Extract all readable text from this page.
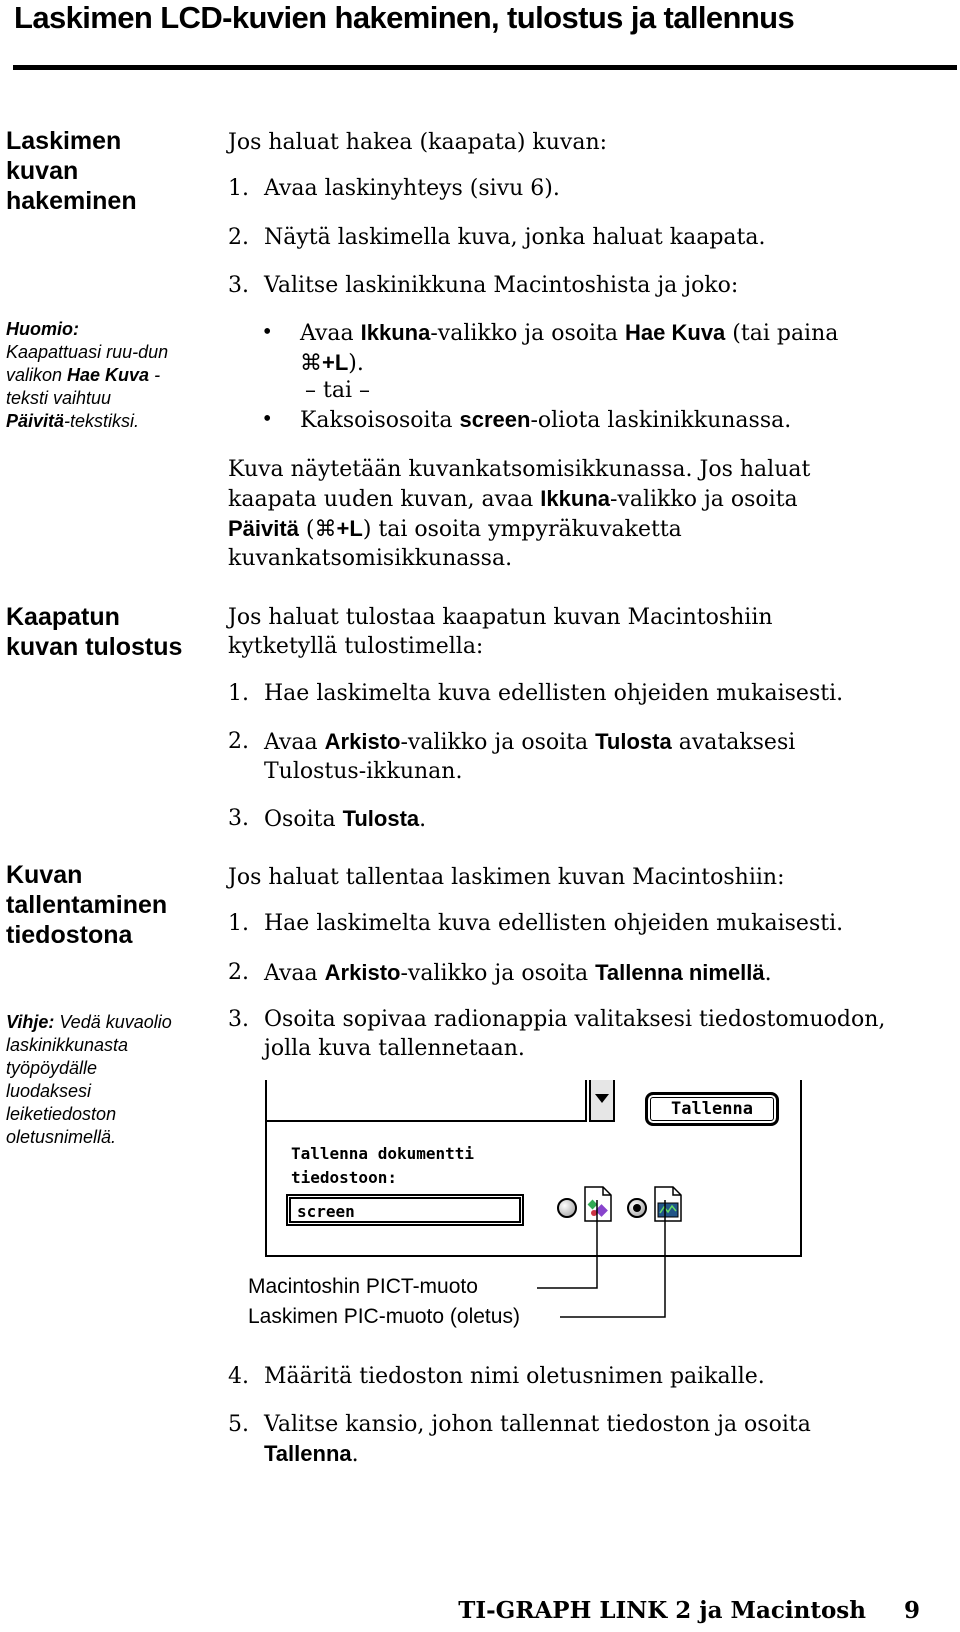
Laskimen LCD-kuvien hakeminen, tulostus ja tallennus
Laskimen
kuvan
hakeminen
Huomio:
Kaapattuasi ruu-dun
valikon Hae Kuva -
teksti vaihtuu
Päivitä-tekstiksi.
Jos haluat hakea (kaapata) kuvan:
1. Avaa laskinyhteys (sivu 6).
2. Näytä laskimella kuva, jonka haluat kaapata.
3. Valitse laskinikkuna Macintoshista ja joko:
• Avaa Ikkuna-valikko ja osoita Hae Kuva (tai paina
⌘+L).
– tai –
• Kaksoisosoita screen-oliota laskinikkunassa.
Kuva näytetään kuvankatsomisikkunassa. Jos haluat
kaapata uuden kuvan, avaa Ikkuna-valikko ja osoita
Päivitä (⌘+L) tai osoita ympyräkuvaketta
kuvankatsomisikkunassa.
Kaapatun
kuvan tulostus
Jos haluat tulostaa kaapatun kuvan Macintoshiin
kytketyllä tulostimella:
1. Hae laskimelta kuva edellisten ohjeiden mukaisesti.
2. Avaa Arkisto-valikko ja osoita Tulosta avataksesi
Tulostus-ikkunan.
3. Osoita Tulosta.
Kuvan
tallentaminen
tiedostona
Vihje: Vedä kuvaolio
laskinikkunasta
työpöydälle
luodaksesi
leiketiedoston
oletusnimellä.
Jos haluat tallentaa laskimen kuvan Macintoshiin:
1. Hae laskimelta kuva edellisten ohjeiden mukaisesti.
2. Avaa Arkisto-valikko ja osoita Tallenna nimellä.
3. Osoita sopivaa radionappia valitaksesi tiedostomuodon,
jolla kuva tallennetaan.
Tallenna
Tallenna dokumentti
tiedostoon:
screen
Macintoshin PICT-muoto
Laskimen PIC-muoto (oletus)
4. Määritä tiedoston nimi oletusnimen paikalle.
5. Valitse kansio, johon tallennat tiedoston ja osoita
Tallenna.
TI-GRAPH LINK 2 ja Macintosh 9
